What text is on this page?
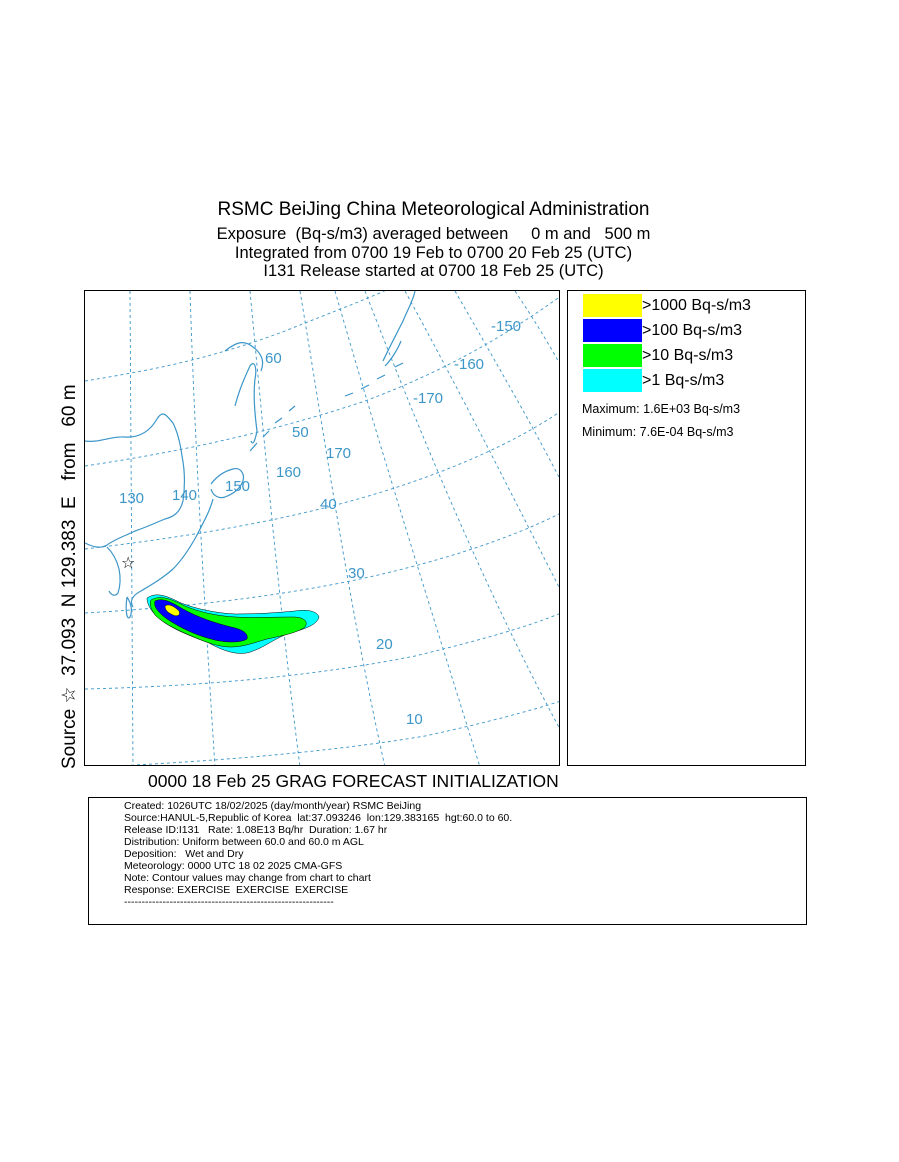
RSMC BeiJing China Meteorological Administration
Exposure  (Bq-s/m3) averaged between     0 m and   500 m
Integrated from 0700 19 Feb to 0700 20 Feb 25 (UTC)
I131 Release started at 0700 18 Feb 25 (UTC)
Source ☆  37.093  N 129.383  E   from   60 m	☆
60
50
40
30
20
10
130 140
150
160
170
-170
-160
-150
>1000 Bq-s/m3
>100 Bq-s/m3
>10 Bq-s/m3
>1 Bq-s/m3
Maximum: 1.6E+03 Bq-s/m3
Minimum: 7.6E-04 Bq-s/m3
0000 18 Feb 25 GRAG FORECAST INITIALIZATION
Created: 1026UTC 18/02/2025 (day/month/year) RSMC BeiJing
Source:HANUL-5,Republic of Korea  lat:37.093246  lon:129.383165  hgt:60.0 to 60.
Release ID:I131   Rate: 1.08E13 Bq/hr  Duration: 1.67 hr
Distribution: Uniform between 60.0 and 60.0 m AGL
Deposition:   Wet and Dry
Meteorology: 0000 UTC 18 02 2025 CMA-GFS
Note: Contour values may change from chart to chart
Response: EXERCISE  EXERCISE  EXERCISE
------------------------------------------------------------
